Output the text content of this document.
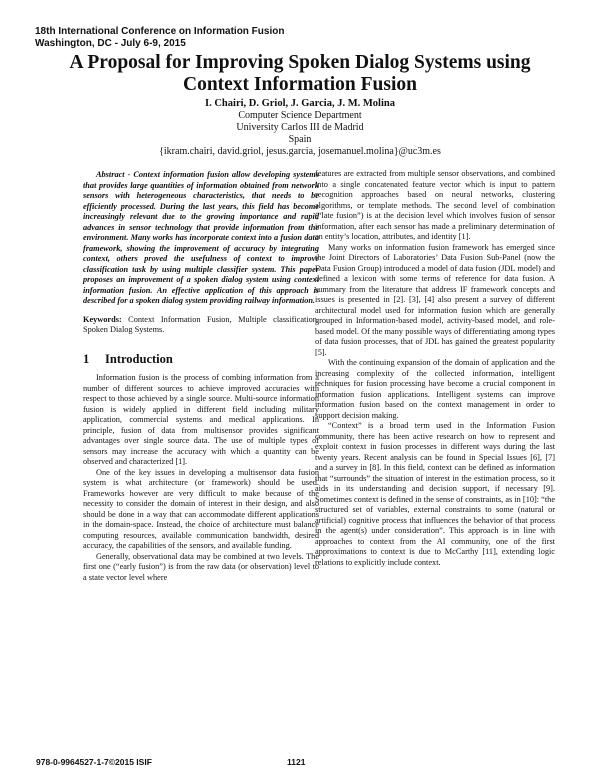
18th International Conference on Information Fusion
Washington, DC - July 6-9, 2015
A Proposal for Improving Spoken Dialog Systems using
Context Information Fusion
I. Chairi, D. Griol, J. Garcia, J. M. Molina
Computer Science Department
University Carlos III de Madrid
Spain
{ikram.chairi, david.griol, jesus.garcia, josemanuel.molina}@uc3m.es

Abstract - Context information fusion allow developing systems that provides large quantities of information obtained from network sensors with heterogeneous characteristics, that needs to be efficiently processed. During the last years, this field has become increasingly relevant due to the growing importance and rapid advances in sensor technology that provide information from the environment. Many works has incorporate context into a fusion data framework, showing the improvement of accuracy by integrating context, others proved the usefulness of context to improve classification task by using multiple classifier system. This paper proposes an improvement of a spoken dialog system using context information fusion. An effective application of this approach is described for a spoken dialog system providing railway information.

Keywords: Context Information Fusion, Multiple classification, Spoken Dialog Systems.

1 Introduction

Information fusion is the process of combing information from a number of different sources to achieve improved accuracies with respect to those achieved by a single source. Multi-source information fusion is widely applied in different field including military application, commercial systems and medical applications. In principle, fusion of data from multisensor provides significant advantages over single source data. The use of multiple types of sensors may increase the accuracy with which a quantity can be observed and characterized [1].

One of the key issues in developing a multisensor data fusion system is what architecture (or framework) should be used. Frameworks however are very difficult to make because of the necessity to consider the domain of interest in their design, and also should be done in a way that can accommodate different applications in the domain-space. Instead, the choice of architecture must balance computing resources, available communication bandwidth, desired accuracy, the capabilities of the sensors, and available funding.

Generally, observational data may be combined at two levels. The first one (“early fusion”) is from the raw data (or observation) level to a state vector level where

features are extracted from multiple sensor observations, and combined into a single concatenated feature vector which is input to pattern recognition approaches based on neural networks, clustering algorithms, or template methods. The second level of combination (“late fusion”) is at the decision level which involves fusion of sensor information, after each sensor has made a preliminary determination of an entity’s location, attributes, and identity [1].

Many works on information fusion framework has emerged since the Joint Directors of Laboratories’ Data Fusion Sub-Panel (now the Data Fusion Group) introduced a model of data fusion (JDL model) and defined a lexicon with some terms of reference for data fusion. A summary from the literature that address IF framework concepts and issues is presented in [2]. [3], [4] also present a survey of different architectural model used for information fusion which are generally grouped in Information-based model, activity-based model, and role-based model. Of the many possible ways of differentiating among types of data fusion processes, that of JDL has gained the greatest popularity [5].

With the continuing expansion of the domain of application and the increasing complexity of the collected information, intelligent techniques for fusion processing have become a crucial component in information fusion applications. Intelligent systems can improve information fusion based on the context management in order to support decision making.

“Context” is a broad term used in the Information Fusion community, there has been active research on how to represent and exploit context in fusion processes in different ways during the last twenty years. Recent analysis can be found in Special Issues [6], [7] and a survey in [8]. In this field, context can be defined as information that “surrounds” the situation of interest in the estimation process, so it aids in its understanding and decision support, if necessary [9]. Sometimes context is defined in the sense of constraints, as in [10]: “the structured set of variables, external constraints to some (natural or artificial) cognitive process that influences the behavior of that process in the agent(s) under consideration”. This approach is in line with approaches to context from the AI community, one of the first approximations to context is due to McCarthy [11], extending logic relations to explicitly include context.

978-0-9964527-1-7©2015 ISIF	1121
